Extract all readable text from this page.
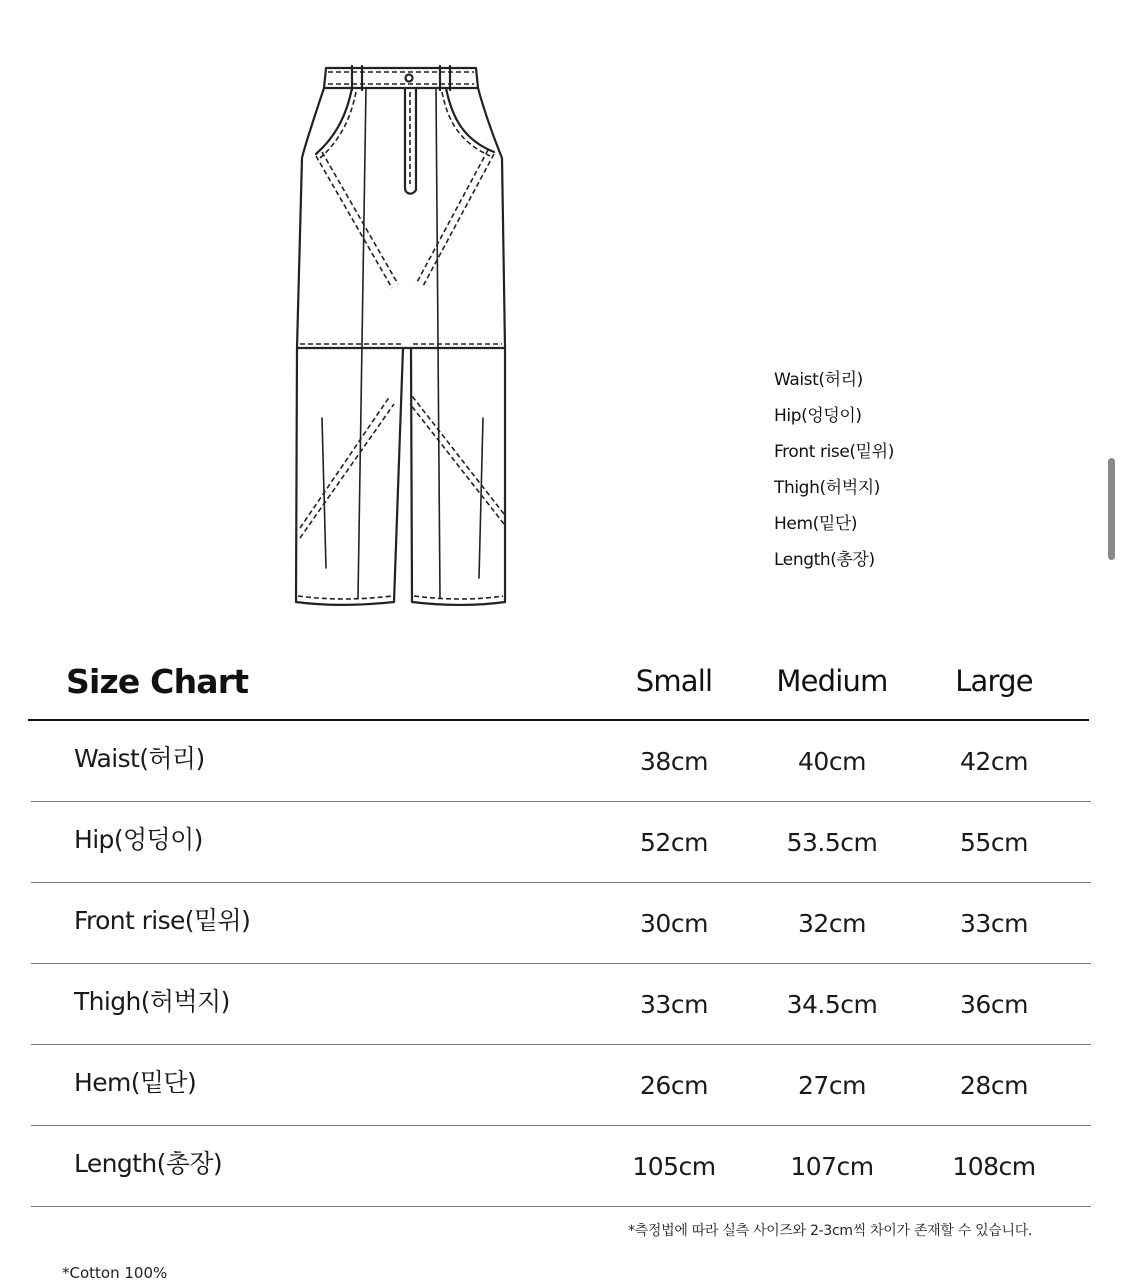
Waist(허리)
Hip(엉덩이)
Front rise(밑위)
Thigh(허벅지)
Hem(밑단)
Length(총장)
Size Chart	Small	Medium	Large
Waist(허리)	38cm	40cm	42cm
Hip(엉덩이)	52cm	53.5cm	55cm
Front rise(밑위)	30cm	32cm	33cm
Thigh(허벅지)	33cm	34.5cm	36cm
Hem(밑단)	26cm	27cm	28cm
Length(총장)	105cm	107cm	108cm
*측정법에 따라 실측 사이즈와 2-3cm씩 차이가 존재할 수 있습니다.
*Cotton 100%
